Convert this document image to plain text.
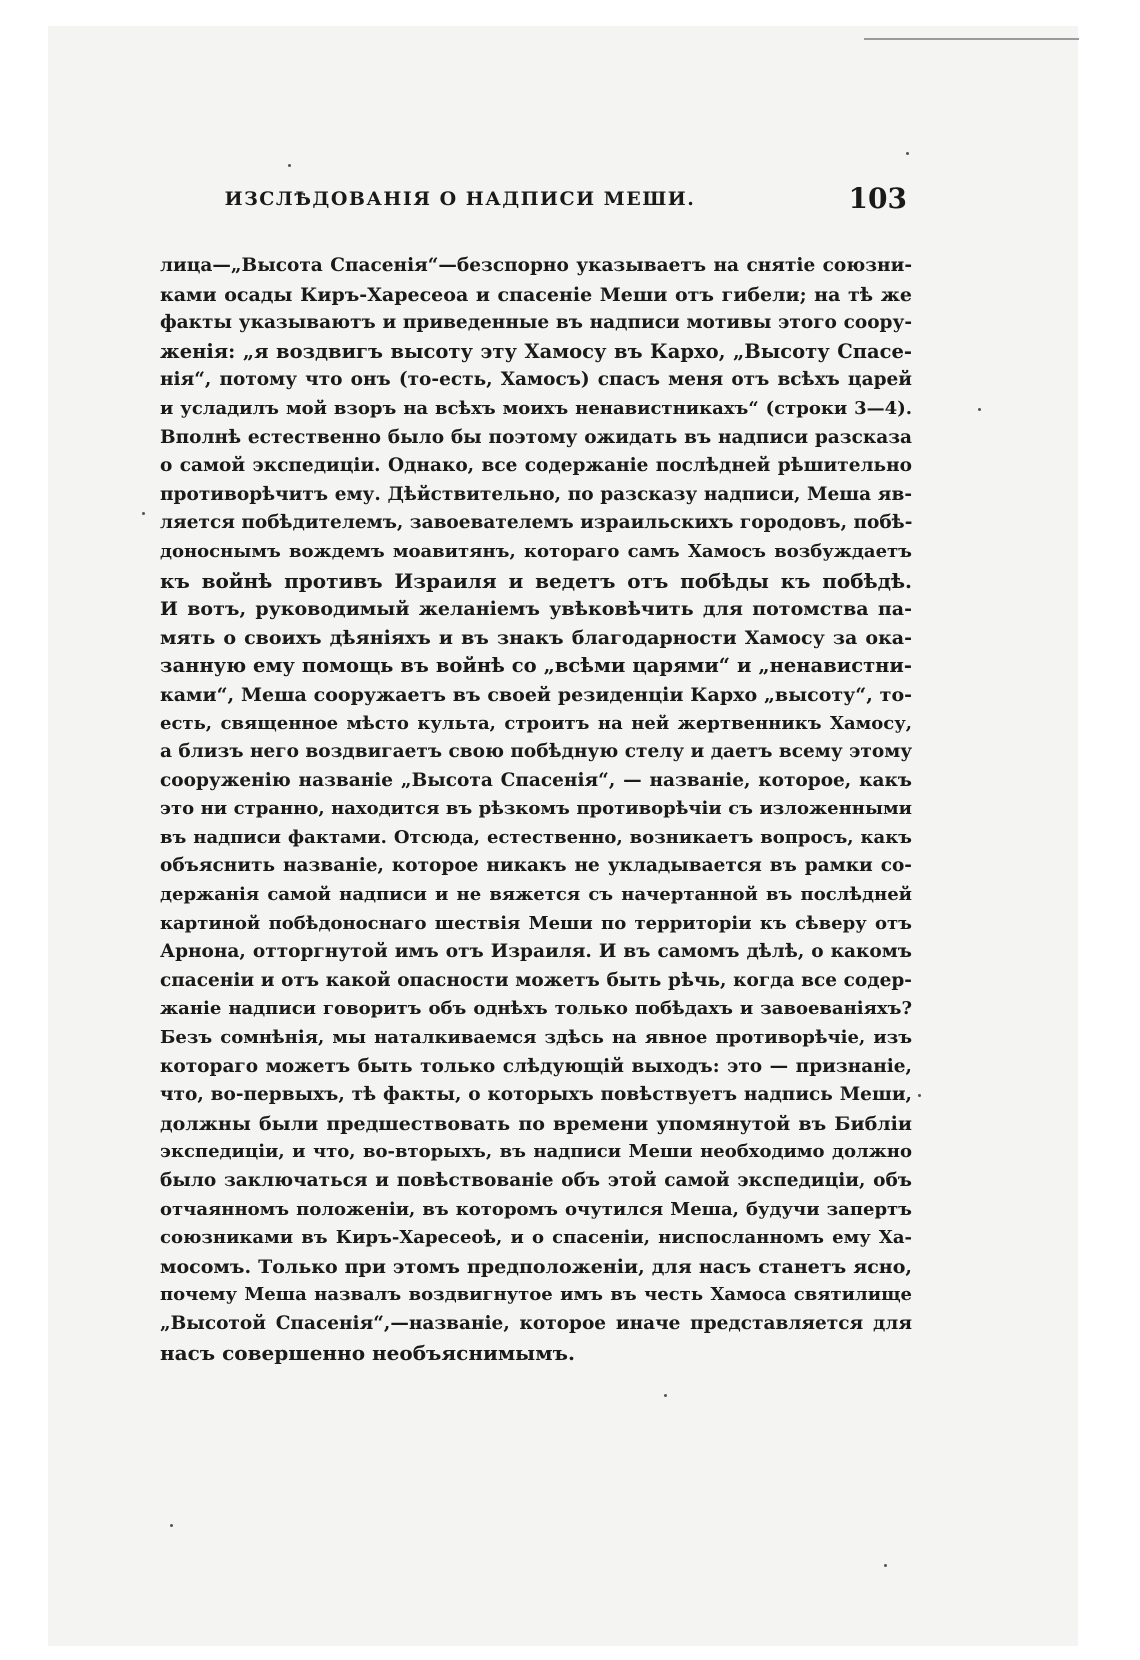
ИЗСЛѢДОВАНІЯ О НАДПИСИ МЕШИ.	103
лица—„Высота Спасенія“—безспорно указываетъ на снятіе союзни-
ками осады Киръ-Харесеоа и спасеніе Меши отъ гибели; на тѣ же
факты указываютъ и приведенные въ надписи мотивы этого соору-
женія: „я воздвигъ высоту эту Хамосу въ Кархо, „Высоту Спасе-
нія“, потому что онъ (то-есть, Хамосъ) спасъ меня отъ всѣхъ царей
и усладилъ мой взоръ на всѣхъ моихъ ненавистникахъ“ (строки 3—4).
Вполнѣ естественно было бы поэтому ожидать въ надписи разсказа
о самой экспедиціи. Однако, все содержаніе послѣдней рѣшительно
противорѣчитъ ему. Дѣйствительно, по разсказу надписи, Меша яв-
ляется побѣдителемъ, завоевателемъ израильскихъ городовъ, побѣ-
доноснымъ вождемъ моавитянъ, котораго самъ Хамосъ возбуждаетъ
къ войнѣ противъ Израиля и ведетъ отъ побѣды къ побѣдѣ.
И вотъ, руководимый желаніемъ увѣковѣчить для потомства па-
мять о своихъ дѣяніяхъ и въ знакъ благодарности Хамосу за ока-
занную ему помощь въ войнѣ со „всѣми царями“ и „ненавистни-
ками“, Меша сооружаетъ въ своей резиденціи Кархо „высоту“, то-
есть, священное мѣсто культа, строитъ на ней жертвенникъ Хамосу,
а близъ него воздвигаетъ свою побѣдную стелу и даетъ всему этому
сооруженію названіе „Высота Спасенія“, — названіе, которое, какъ
это ни странно, находится въ рѣзкомъ противорѣчіи съ изложенными
въ надписи фактами. Отсюда, естественно, возникаетъ вопросъ, какъ
объяснить названіе, которое никакъ не укладывается въ рамки со-
держанія самой надписи и не вяжется съ начертанной въ послѣдней
картиной побѣдоноснаго шествія Меши по территоріи къ сѣверу отъ
Арнона, отторгнутой имъ отъ Израиля. И въ самомъ дѣлѣ, о какомъ
спасеніи и отъ какой опасности можетъ быть рѣчь, когда все содер-
жаніе надписи говоритъ объ однѣхъ только побѣдахъ и завоеваніяхъ?
Безъ сомнѣнія, мы наталкиваемся здѣсь на явное противорѣчіе, изъ
котораго можетъ быть только слѣдующій выходъ: это — признаніе,
что, во-первыхъ, тѣ факты, о которыхъ повѣствуетъ надпись Меши,
должны были предшествовать по времени упомянутой въ Библіи
экспедиціи, и что, во-вторыхъ, въ надписи Меши необходимо должно
было заключаться и повѣствованіе объ этой самой экспедиціи, объ
отчаянномъ положеніи, въ которомъ очутился Меша, будучи запертъ
союзниками въ Киръ-Харесеоѣ, и о спасеніи, ниспосланномъ ему Ха-
мосомъ. Только при этомъ предположеніи, для насъ станетъ ясно,
почему Меша назвалъ воздвигнутое имъ въ честь Хамоса святилище
„Высотой Спасенія“,—названіе, которое иначе представляется для
насъ совершенно необъяснимымъ.
